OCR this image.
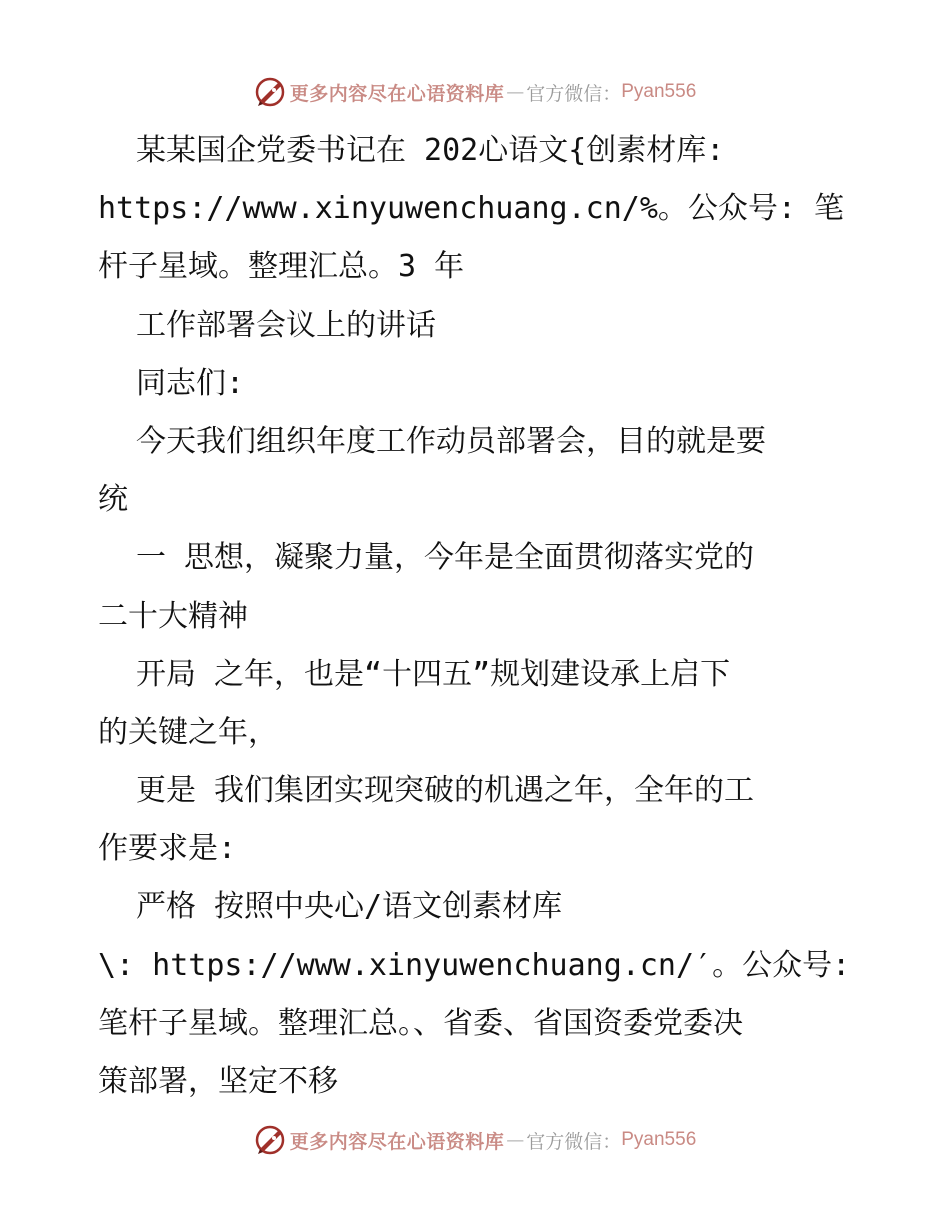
更多内容尽在心语资料库 — 官方微信： Pyan556
某某国企党委书记在 202心语文{创素材库:
https://www.xinyuwenchuang.cn/%。公众号: 笔
杆子星域。整理汇总。3 年
工作部署会议上的讲话
同志们:
今天我们组织年度工作动员部署会，目的就是要
统
一 思想，凝聚力量，今年是全面贯彻落实党的
二十大精神
开局 之年，也是“十四五”规划建设承上启下
的关键之年，
更是 我们集团实现突破的机遇之年，全年的工
作要求是:
严格 按照中央心/语文创素材库
\: https://www.xinyuwenchuang.cn/′。公众号:
笔杆子星域。整理汇总。、省委、省国资委党委决
策部署，坚定不移
更多内容尽在心语资料库 — 官方微信： Pyan556
